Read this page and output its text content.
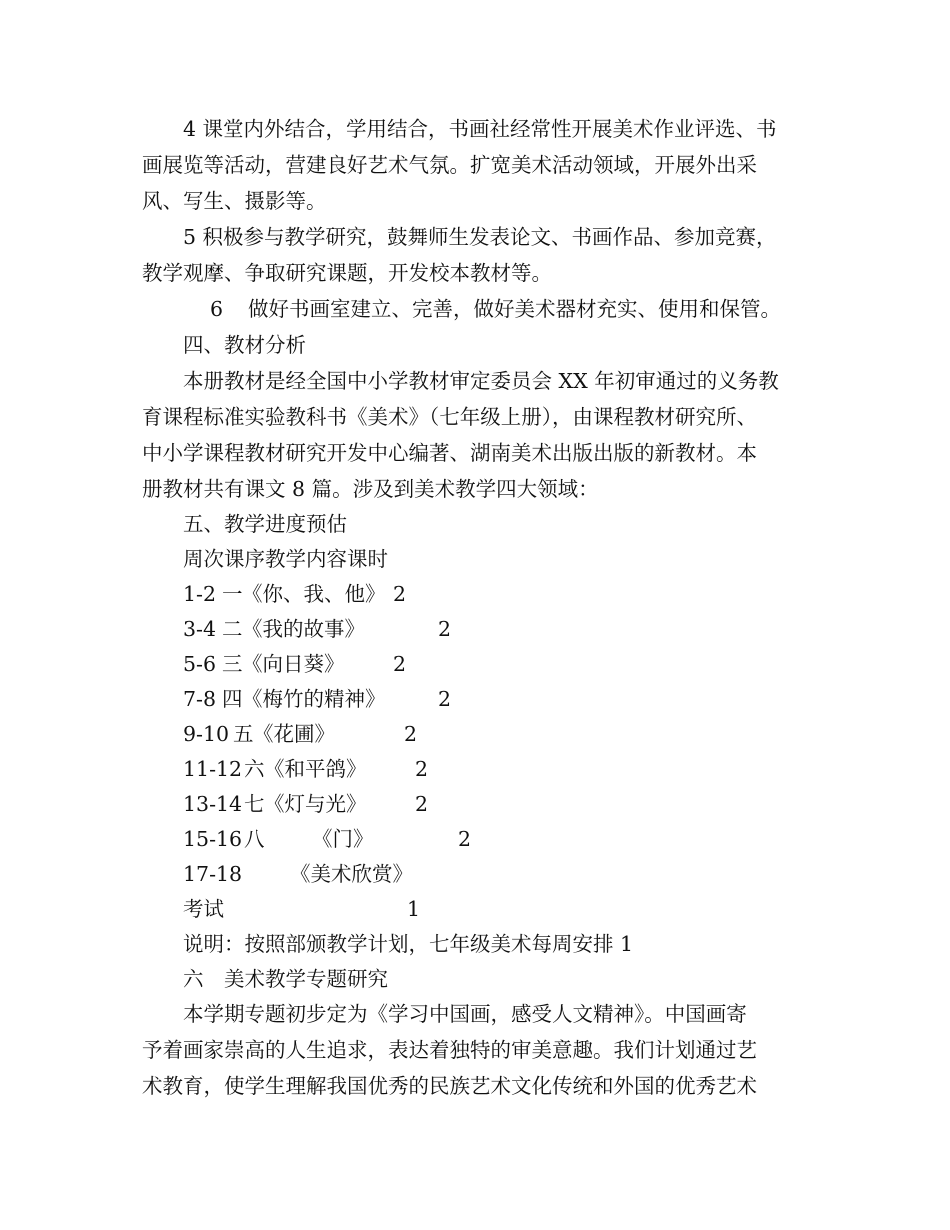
4 课堂内外结合，学用结合，书画社经常性开展美术作业评选、书
画展览等活动，营建良好艺术气氛。扩宽美术活动领域，开展外出采
风、写生、摄影等。
5 积极参与教学研究，鼓舞师生发表论文、书画作品、参加竞赛，
教学观摩、争取研究课题，开发校本教材等。
6 做好书画室建立、完善，做好美术器材充实、使用和保管。
四、教材分析
本册教材是经全国中小学教材审定委员会 XX 年初审通过的义务教
育课程标准实验教科书《美术》（七年级上册），由课程教材研究所、
中小学课程教材研究开发中心编著、湖南美术出版出版的新教材。本
册教材共有课文 8 篇。涉及到美术教学四大领域：
五、教学进度预估
周次课序教学内容课时
1-2 一 《你、我、他》 2
3-4 二 《我的故事》	2
5-6 三 《向日葵》 2
7-8 四 《梅竹的精神》	2
9-10 五 《花圃》	2
11-12 六 《和平鸽》 2
13-14 七 《灯与光》 2
15-16 八 《门》	2
17-18 《美术欣赏》
考试	1
说明：按照部颁教学计划，七年级美术每周安排 1
六　美术教学专题研究
本学期专题初步定为《学习中国画，感受人文精神》。中国画寄
予着画家崇高的人生追求，表达着独特的审美意趣。我们计划通过艺
术教育，使学生理解我国优秀的民族艺术文化传统和外国的优秀艺术
